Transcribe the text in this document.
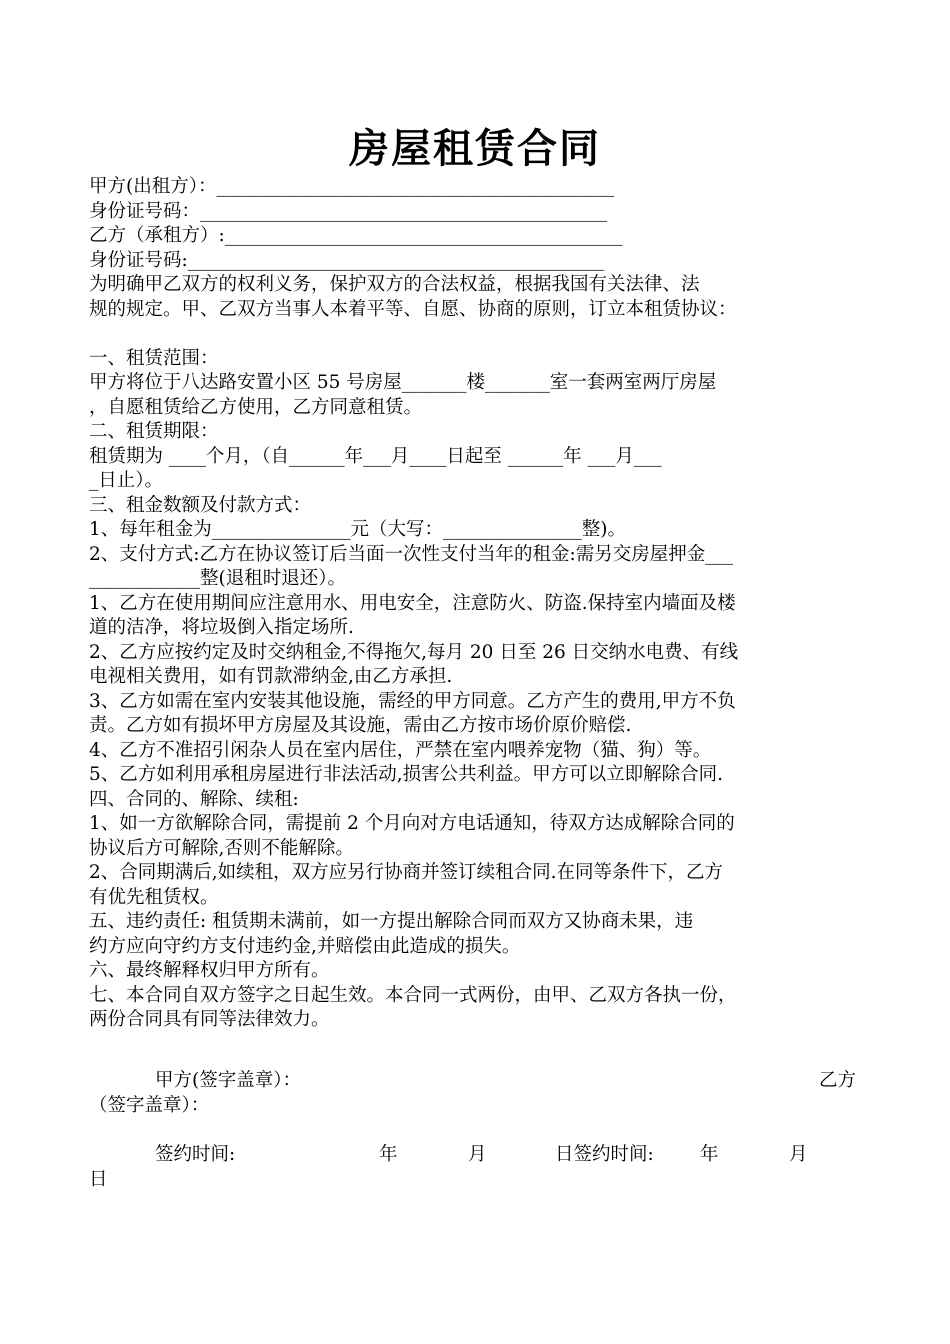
房屋租赁合同

甲方(出租方）：___________________________________________

身份证号码：____________________________________________

乙方（承租方）:___________________________________________

身份证号码:_____________________________________________

为明确甲乙双方的权利义务，保护双方的合法权益，根据我国有关法律、法

规的规定。甲、乙双方当事人本着平等、自愿、协商的原则，订立本租赁协议：

一、租赁范围：

甲方将位于八达路安置小区 55 号房屋_______楼_______室一套两室两厅房屋

，自愿租赁给乙方使用，乙方同意租赁。

二、租赁期限：

租赁期为 ____个月，（自______年___月____日起至 ______年 ___月___

_日止）。

三、租金数额及付款方式：

1、每年租金为_______________元（大写：_______________整)。

2、支付方式:乙方在协议签订后当面一次性支付当年的租金:需另交房屋押金___

____________整(退租时退还）。

1、乙方在使用期间应注意用水、用电安全，注意防火、防盗.保持室内墙面及楼

道的洁净，将垃圾倒入指定场所.

2、乙方应按约定及时交纳租金,不得拖欠,每月 20 日至 26 日交纳水电费、有线

电视相关费用，如有罚款滞纳金,由乙方承担.

3、乙方如需在室内安装其他设施，需经的甲方同意。乙方产生的费用,甲方不负

责。乙方如有损坏甲方房屋及其设施，需由乙方按市场价原价赔偿.

4、乙方不准招引闲杂人员在室内居住，严禁在室内喂养宠物（猫、狗）等。

5、乙方如利用承租房屋进行非法活动,损害公共利益。甲方可以立即解除合同.

四、合同的、解除、续租:

1、如一方欲解除合同，需提前 2 个月向对方电话通知，待双方达成解除合同的

协议后方可解除,否则不能解除。

2、合同期满后,如续租，双方应另行协商并签订续租合同.在同等条件下，乙方

有优先租赁权。

五、违约责任: 租赁期未满前，如一方提出解除合同而双方又协商未果，违

约方应向守约方支付违约金,并赔偿由此造成的损失。

六、最终解释权归甲方所有。

七、本合同自双方签字之日起生效。本合同一式两份，由甲、乙双方各执一份，

两份合同具有同等法律效力。

甲方(签字盖章）：	乙方

（签字盖章）：

签约时间:	年	月	日签约时间:	年	月

日
